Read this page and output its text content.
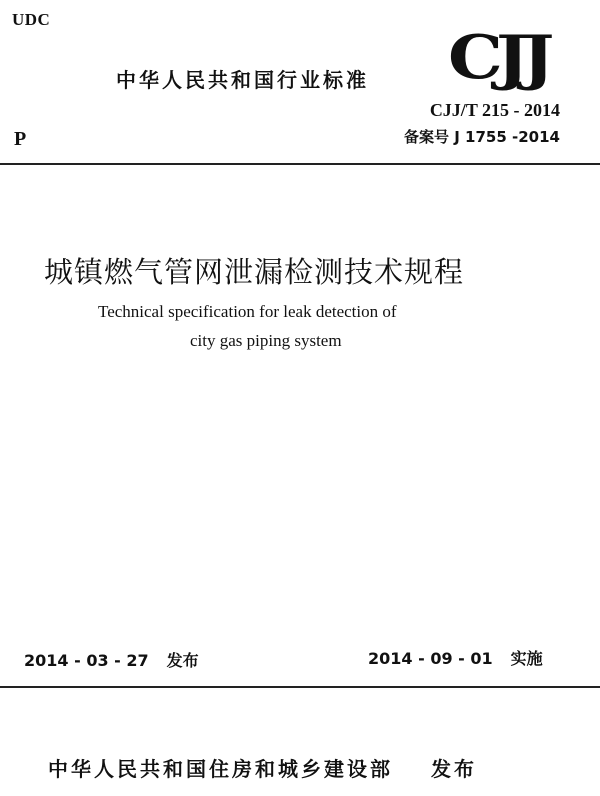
UDC
中华人民共和国行业标准 CJJ
P
CJJ/T 215 - 2014
备案号 J 1755 -2014
城镇燃气管网泄漏检测技术规程
Technical specification for leak detection of
city gas piping system
2014 - 03 - 27 发布	2014 - 09 - 01 实施
中华人民共和国住房和城乡建设部 发布
